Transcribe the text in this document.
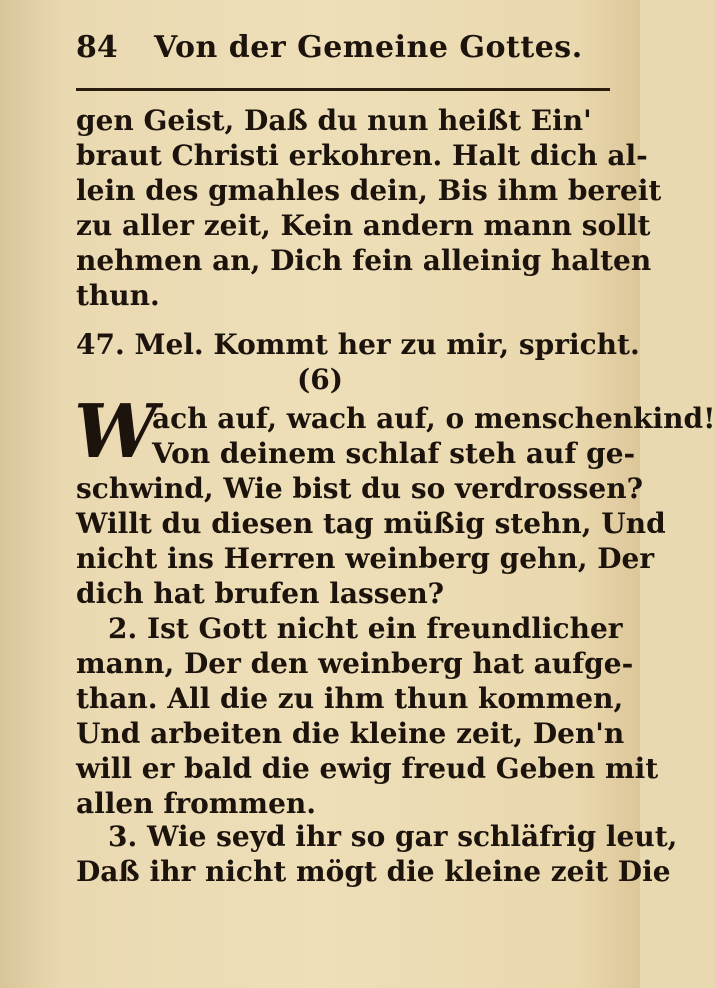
84 Von der Gemeine Gottes.
gen Geist, Daß du nun heißt Ein'
braut Christi erkohren. Halt dich al-
lein des gmahles dein, Bis ihm bereit
zu aller zeit, Kein andern mann sollt
nehmen an, Dich fein alleinig halten
thun.
47. Mel. Kommt her zu mir, spricht.
(6)
W
ach auf, wach auf, o menschenkind!
Von deinem schlaf steh auf ge-
schwind, Wie bist du so verdrossen?
Willt du diesen tag müßig stehn, Und
nicht ins Herren weinberg gehn, Der
dich hat brufen lassen?
2. Ist Gott nicht ein freundlicher
mann, Der den weinberg hat aufge-
than. All die zu ihm thun kommen,
Und arbeiten die kleine zeit, Den'n
will er bald die ewig freud Geben mit
allen frommen.
3. Wie seyd ihr so gar schläfrig leut,
Daß ihr nicht mögt die kleine zeit Die
